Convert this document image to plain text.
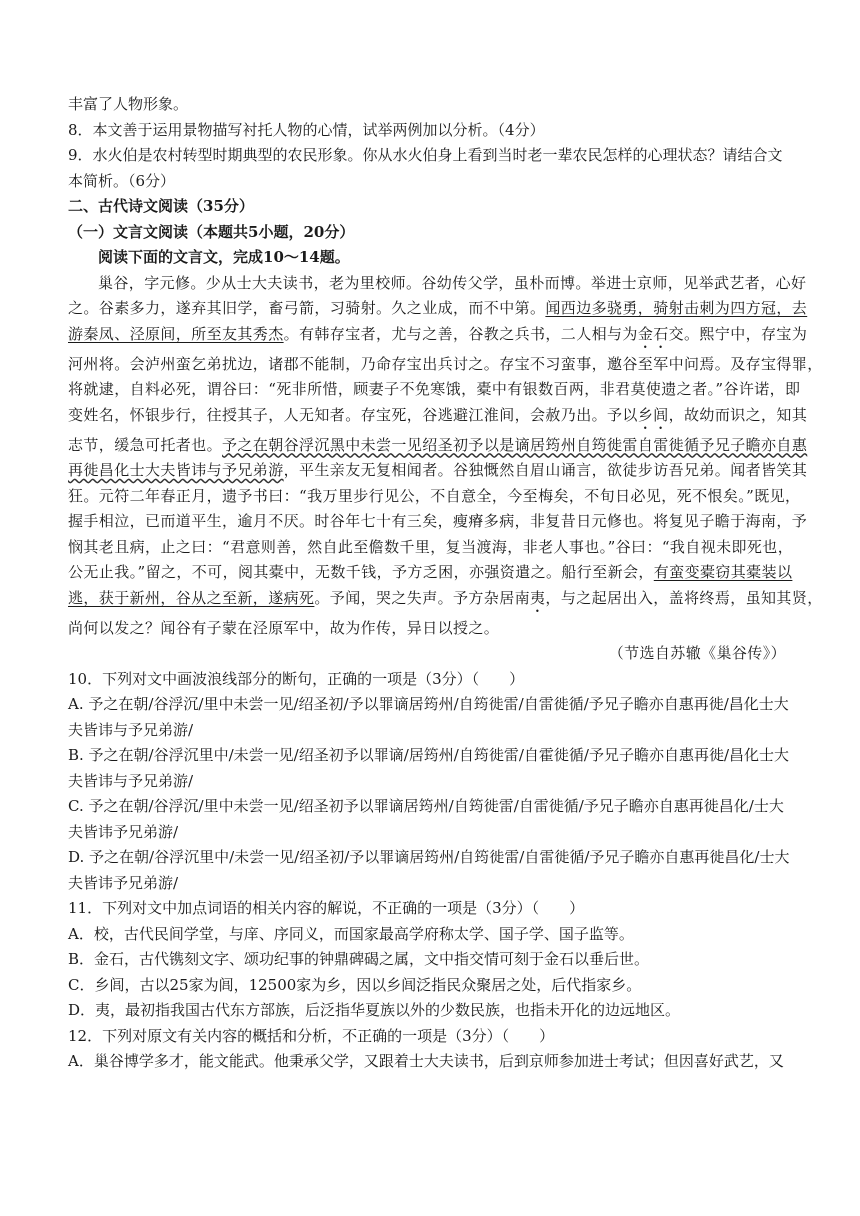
丰富了人物形象。
8．本文善于运用景物描写衬托人物的心情，试举两例加以分析。（4分）
9．水火伯是农村转型时期典型的农民形象。你从水火伯身上看到当时老一辈农民怎样的心理状态？请结合文
本简析。（6分）
二、古代诗文阅读（35分）
（一）文言文阅读（本题共5小题，20分）
阅读下面的文言文，完成10～14题。
巢谷，字元修。少从士大夫读书，老为里校师。谷幼传父学，虽朴而博。举进士京师，见举武艺者，心好
之。谷素多力，遂弃其旧学，畜弓箭，习骑射。久之业成，而不中第。闻西边多骁勇，骑射击刺为四方冠，去
游秦凤、泾原间，所至友其秀杰。有韩存宝者，尤与之善，谷教之兵书，二人相与为金石交。熙宁中，存宝为
河州将。会泸州蛮乞弟扰边，诸郡不能制，乃命存宝出兵讨之。存宝不习蛮事，邀谷至军中问焉。及存宝得罪，
将就逮，自料必死，谓谷曰：“死非所惜，顾妻子不免寒饿，橐中有银数百两，非君莫使遗之者。”谷许诺，即
变姓名，怀银步行，往授其子，人无知者。存宝死，谷逃避江淮间，会赦乃出。予以乡闾，故幼而识之，知其
志节，缓急可托者也。予之在朝谷浮沉黑中未尝一见绍圣初予以是谪居筠州自筠徙雷自雷徙循予兄子瞻亦自惠
再徙昌化士大夫皆讳与予兄弟游，平生亲友无复相闻者。谷独慨然自眉山诵言，欲徒步访吾兄弟。闻者皆笑其
狂。元符二年春正月，遗予书曰：“我万里步行见公，不自意全，今至梅矣，不旬日必见，死不恨矣。”既见，
握手相泣，已而道平生，逾月不厌。时谷年七十有三矣，瘦瘠多病，非复昔日元修也。将复见子瞻于海南，予
悯其老且病，止之曰：“君意则善，然自此至儋数千里，复当渡海，非老人事也。”谷曰：“我自视未即死也，
公无止我。”留之，不可，阅其橐中，无数千钱，予方乏困，亦强资遣之。船行至新会，有蛮变橐窃其橐装以
逃，获于新州，谷从之至新，遂病死。予闻，哭之失声。予方杂居南夷，与之起居出入，盖将终焉，虽知其贤，
尚何以发之？闻谷有子蒙在泾原军中，故为作传，异日以授之。
（节选自苏辙《巢谷传》）
10．下列对文中画波浪线部分的断句，正确的一项是（3分）（　　）
A. 予之在朝/谷浮沉/里中未尝一见/绍圣初/予以罪谪居筠州/自筠徙雷/自雷徙循/予兄子瞻亦自惠再徙/昌化士大
夫皆讳与予兄弟游/
B. 予之在朝/谷浮沉里中/未尝一见/绍圣初予以罪谪/居筠州/自筠徙雷/自霍徙循/予兄子瞻亦自惠再徙/昌化士大
夫皆讳与予兄弟游/
C. 予之在朝/谷浮沉/里中未尝一见/绍圣初予以罪谪居筠州/自筠徙雷/自雷徙循/予兄子瞻亦自惠再徙昌化/士大
夫皆讳予兄弟游/
D. 予之在朝/谷浮沉里中/未尝一见/绍圣初/予以罪谪居筠州/自筠徙雷/自雷徙循/予兄子瞻亦自惠再徙昌化/士大
夫皆讳予兄弟游/
11．下列对文中加点词语的相关内容的解说，不正确的一项是（3分）（　　）
A．校，古代民间学堂，与庠、序同义，而国家最高学府称太学、国子学、国子监等。
B．金石，古代镌刻文字、颂功纪事的钟鼎碑碣之属，文中指交情可刻于金石以垂后世。
C．乡闾，古以25家为闾，12500家为乡，因以乡闾泛指民众聚居之处，后代指家乡。
D．夷，最初指我国古代东方部族，后泛指华夏族以外的少数民族，也指未开化的边远地区。
12．下列对原文有关内容的概括和分析，不正确的一项是（3分）（　　）
A．巢谷博学多才，能文能武。他秉承父学，又跟着士大夫读书，后到京师参加进士考试；但因喜好武艺，又
